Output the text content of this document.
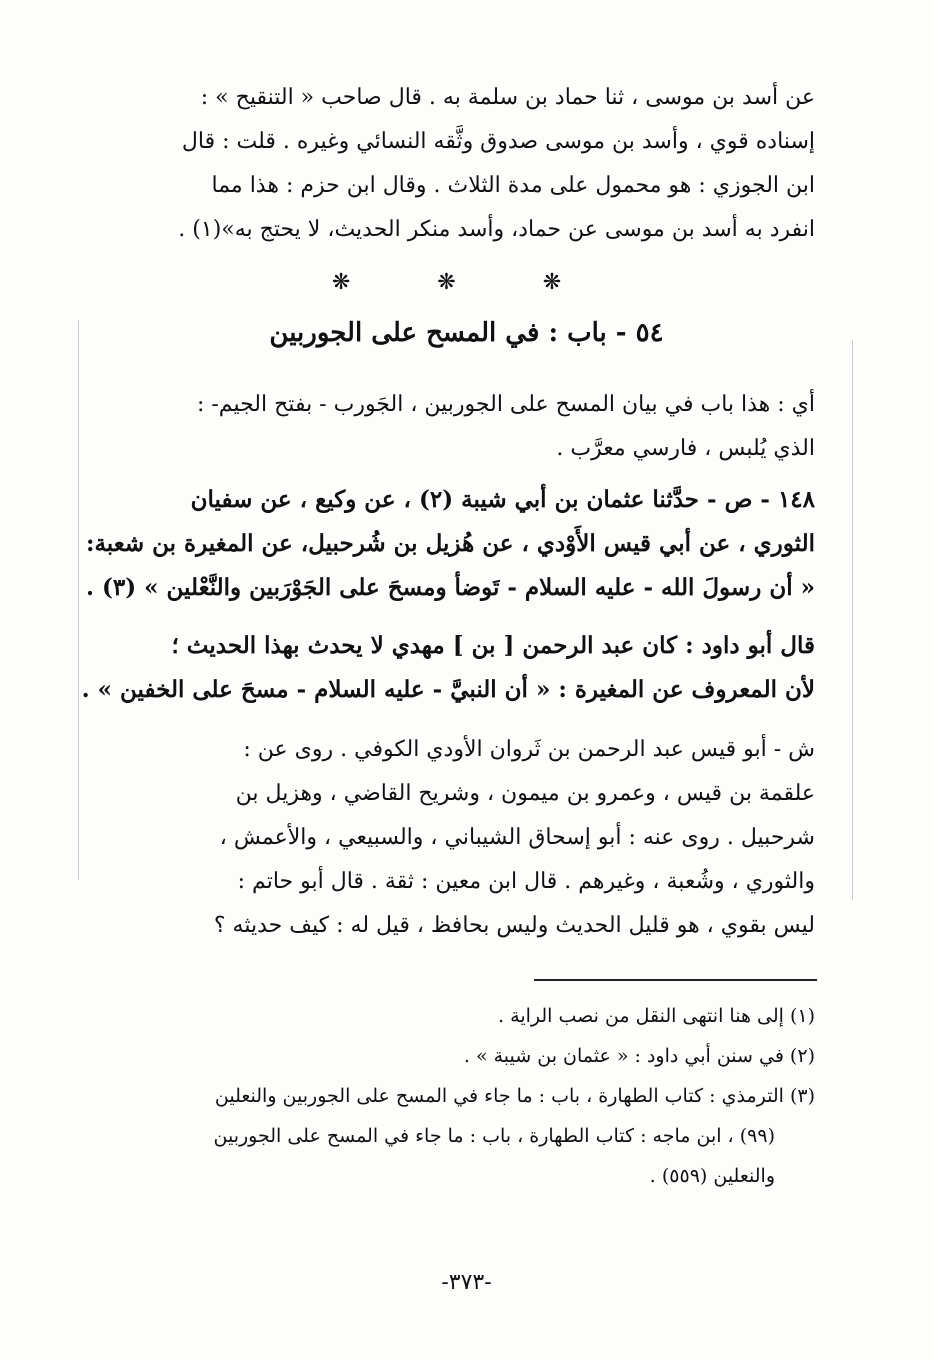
عن أسد بن موسى ، ثنا حماد بن سلمة به . قال صاحب « التنقيح » :
إسناده قوي ، وأسد بن موسى صدوق وثَّقه النسائي وغيره . قلت : قال
ابن الجوزي : هو محمول على مدة الثلاث . وقال ابن حزم : هذا مما
انفرد به أسد بن موسى عن حماد، وأسد منكر الحديث، لا يحتج به»(١) .
❋ ❋ ❋
٥٤ - باب : في المسح على الجوربين
أي : هذا باب في بيان المسح على الجوربين ، الجَورب - بفتح الجيم- :
الذي يُلبس ، فارسي معرَّب .
١٤٨ - ص - حدَّثنا عثمان بن أبي شيبة (٢) ، عن وكيع ، عن سفيان
الثوري ، عن أبي قيس الأَوْدي ، عن هُزيل بن شُرحبيل، عن المغيرة بن شعبة:
« أن رسولَ الله - عليه السلام - تَوضأ ومسحَ على الجَوْرَبين والنَّعْلين » (٣) .
قال أبو داود : كان عبد الرحمن [ بن ] مهدي لا يحدث بهذا الحديث ؛
لأن المعروف عن المغيرة : « أن النبيَّ - عليه السلام - مسحَ على الخفين » .
ش - أبو قيس عبد الرحمن بن ثَروان الأودي الكوفي . روى عن :
علقمة بن قيس ، وعمرو بن ميمون ، وشريح القاضي ، وهزيل بن
شرحبيل . روى عنه : أبو إسحاق الشيباني ، والسبيعي ، والأعمش ،
والثوري ، وشُعبة ، وغيرهم . قال ابن معين : ثقة . قال أبو حاتم :
ليس بقوي ، هو قليل الحديث وليس بحافظ ، قيل له : كيف حديثه ؟
(١) إلى هنا انتهى النقل من نصب الراية .
(٢) في سنن أبي داود : « عثمان بن شيبة » .
(٣) الترمذي : كتاب الطهارة ، باب : ما جاء في المسح على الجوربين والنعلين
(٩٩) ، ابن ماجه : كتاب الطهارة ، باب : ما جاء في المسح على الجوربين
والنعلين (٥٥٩) .
-٣٧٣-
